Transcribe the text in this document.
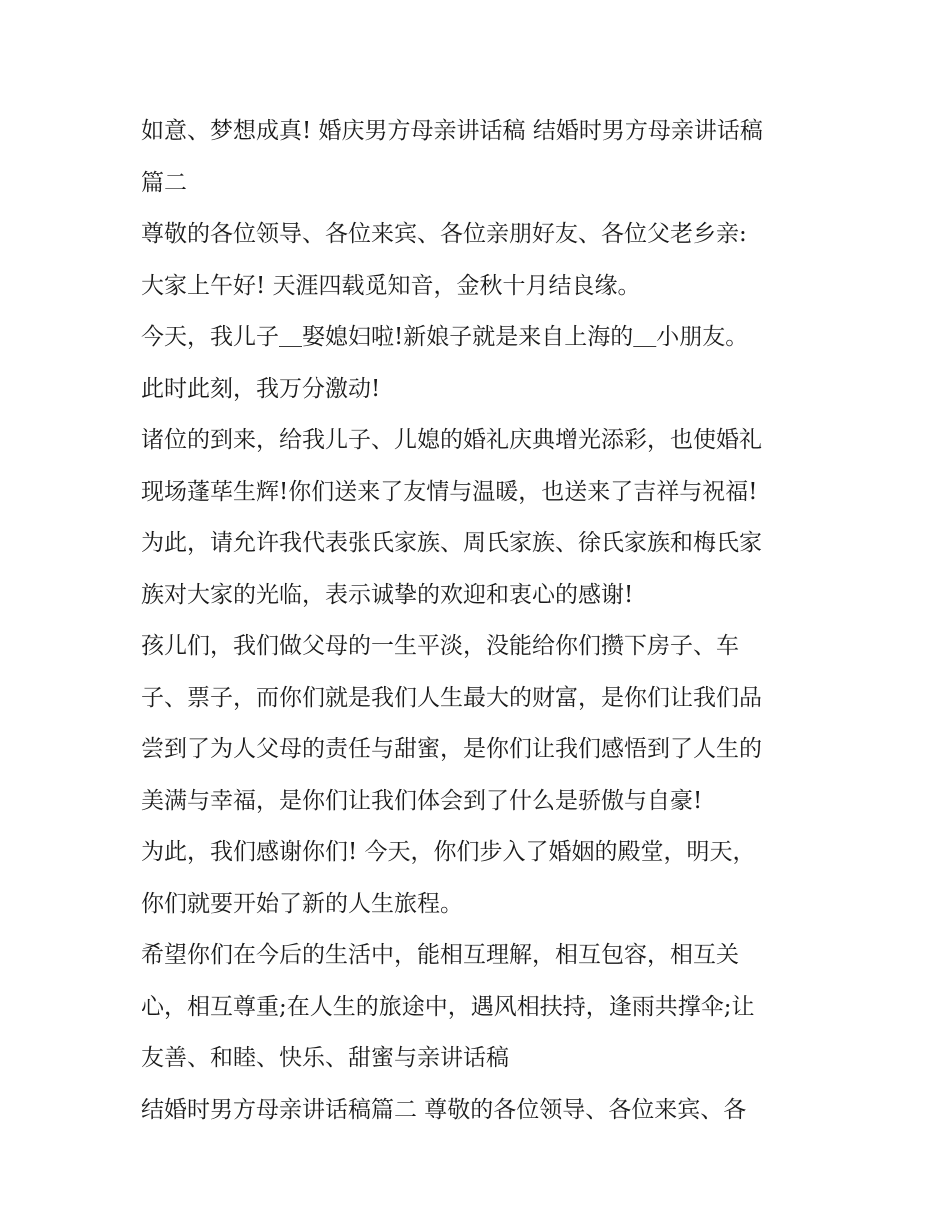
如意、梦想成真! 婚庆男方母亲讲话稿 结婚时男方母亲讲话稿
篇二
尊敬的各位领导、各位来宾、各位亲朋好友、各位父老乡亲:
大家上午好! 天涯四载觅知音，金秋十月结良缘。
今天，我儿子＿娶媳妇啦!新娘子就是来自上海的＿小朋友。
此时此刻，我万分激动!
诸位的到来，给我儿子、儿媳的婚礼庆典增光添彩，也使婚礼
现场蓬荜生辉!你们送来了友情与温暖，也送来了吉祥与祝福!
为此，请允许我代表张氏家族、周氏家族、徐氏家族和梅氏家
族对大家的光临，表示诚挚的欢迎和衷心的感谢!
孩儿们，我们做父母的一生平淡，没能给你们攒下房子、车
子、票子，而你们就是我们人生最大的财富，是你们让我们品
尝到了为人父母的责任与甜蜜，是你们让我们感悟到了人生的
美满与幸福，是你们让我们体会到了什么是骄傲与自豪!
为此，我们感谢你们! 今天，你们步入了婚姻的殿堂，明天，
你们就要开始了新的人生旅程。
希望你们在今后的生活中，能相互理解，相互包容，相互关
心，相互尊重;在人生的旅途中，遇风相扶持，逢雨共撑伞;让
友善、和睦、快乐、甜蜜与亲讲话稿
结婚时男方母亲讲话稿篇二 尊敬的各位领导、各位来宾、各
